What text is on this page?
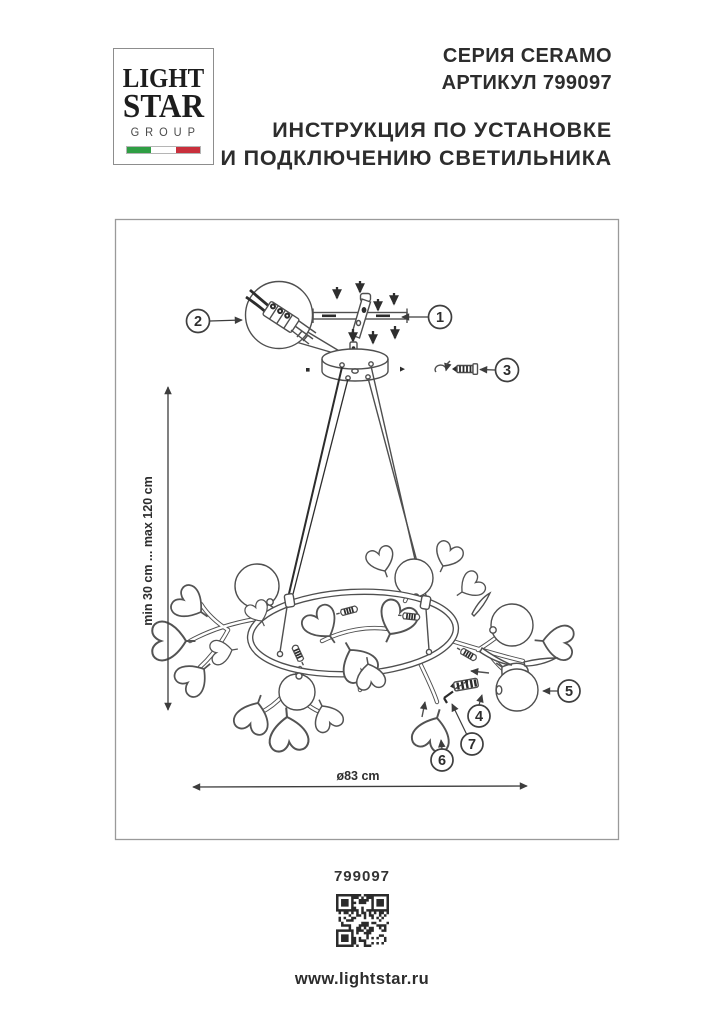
LIGHT
STAR
GROUP
СЕРИЯ CERAMO
АРТИКУЛ 799097
ИНСТРУКЦИЯ ПО УСТАНОВКЕ
И ПОДКЛЮЧЕНИЮ СВЕТИЛЬНИКА
1
2
3
4
5
6
7
min 30 cm ... max 120 cm
ø83 cm
799097
www.lightstar.ru
